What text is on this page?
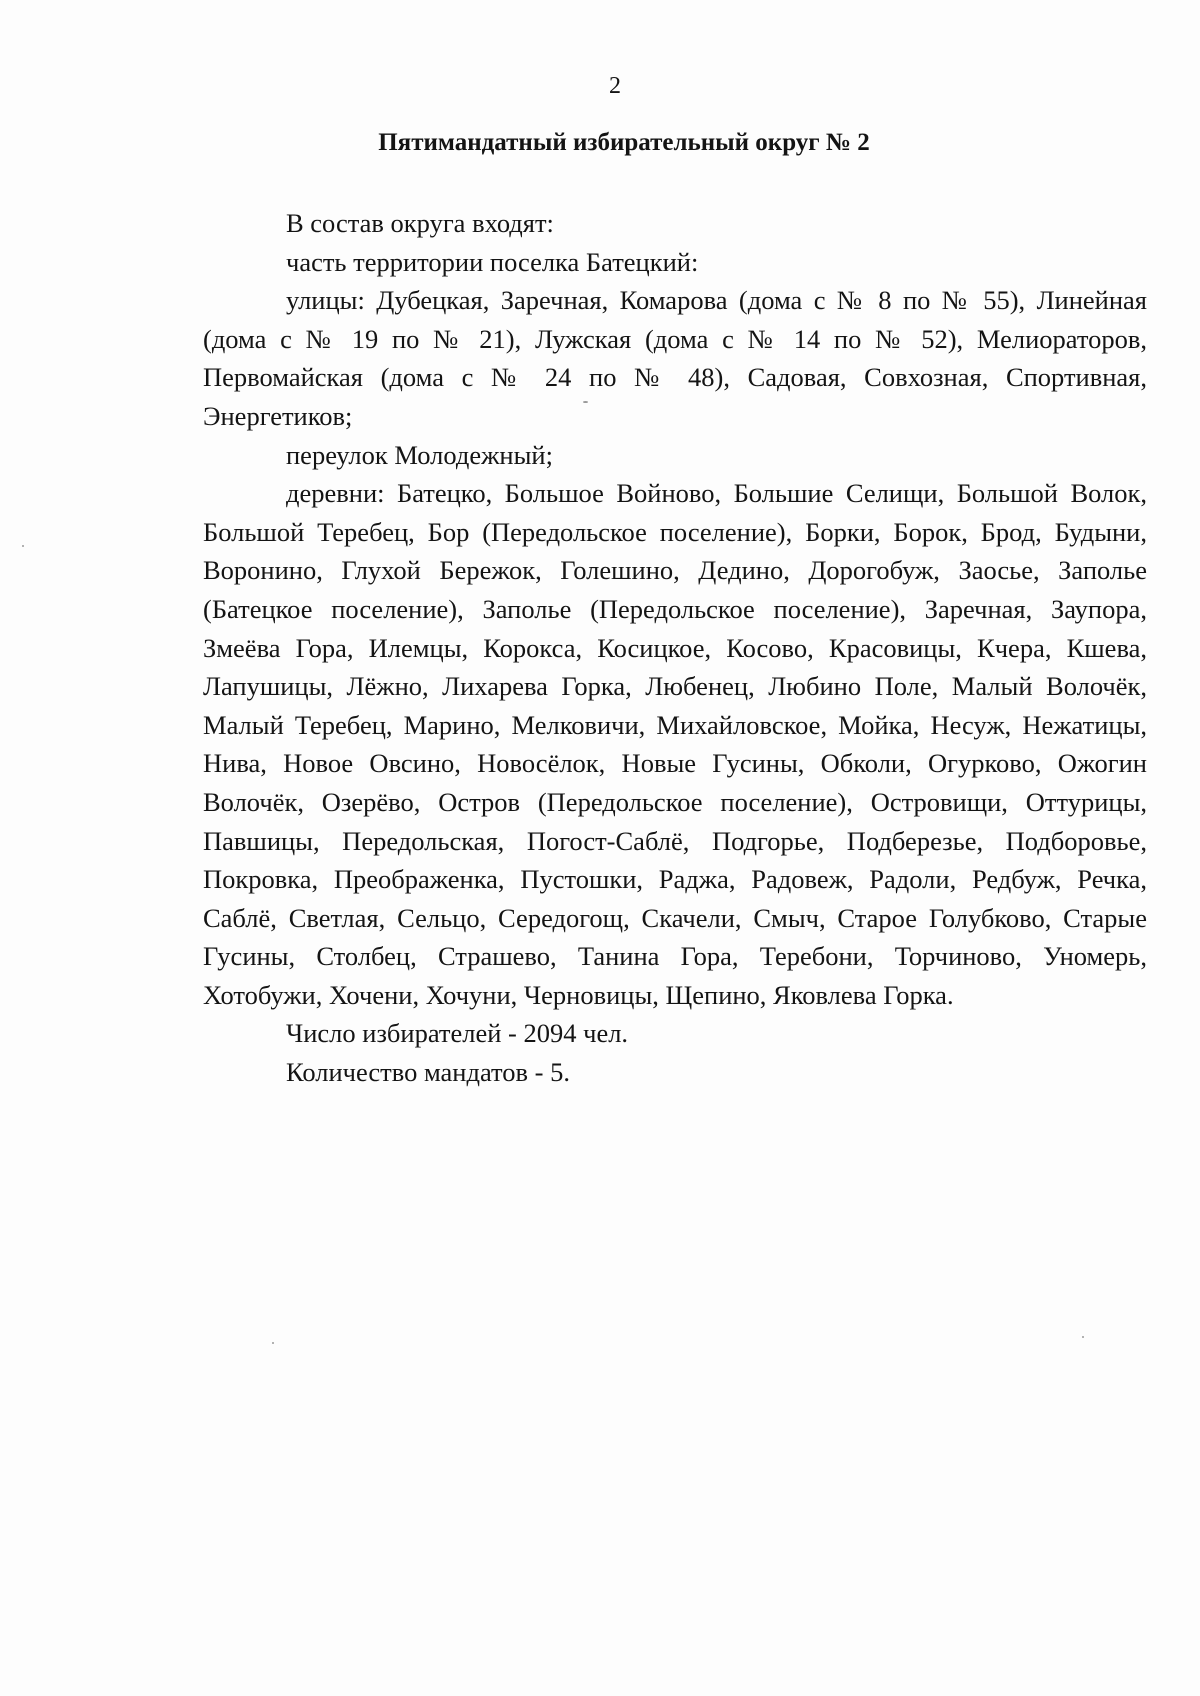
2
Пятимандатный избирательный округ № 2

В состав округа входят:

часть территории поселка Батецкий:

улицы: Дубецкая, Заречная, Комарова (дома с № 8 по № 55), Линейная (дома с № 19 по № 21), Лужская (дома с № 14 по № 52), Мелиораторов, Первомайская (дома с № 24 по № 48), Садовая, Совхозная, Спортивная, Энергетиков;

переулок Молодежный;

деревни: Батецко, Большое Войново, Большие Селищи, Большой Волок, Большой Теребец, Бор (Передольское поселение), Борки, Борок, Брод, Будыни, Воронино, Глухой Бережок, Голешино, Дедино, Дорогобуж, Заосье, Заполье (Батецкое поселение), Заполье (Передольское поселение), Заречная, Заупора, Змеёва Гора, Илемцы, Корокса, Косицкое, Косово, Красовицы, Кчера, Кшева, Лапушицы, Лёжно, Лихарева Горка, Любенец, Любино Поле, Малый Волочёк, Малый Теребец, Марино, Мелковичи, Михайловское, Мойка, Несуж, Нежатицы, Нива, Новое Овсино, Новосёлок, Новые Гусины, Обколи, Огурково, Ожогин Волочёк, Озерёво, Остров (Передольское поселение), Островищи, Оттурицы, Павшицы, Передольская, Погост-Саблё, Подгорье, Подберезье, Подборовье, Покровка, Преображенка, Пустошки, Раджа, Радовеж, Радоли, Редбуж, Речка, Саблё, Светлая, Сельцо, Середогощ, Скачели, Смыч, Старое Голубково, Старые Гусины, Столбец, Страшево, Танина Гора, Теребони, Торчиново, Уномерь, Хотобужи, Хочени, Хочуни, Черновицы, Щепино, Яковлева Горка.

Число избирателей - 2094 чел.

Количество мандатов - 5.
